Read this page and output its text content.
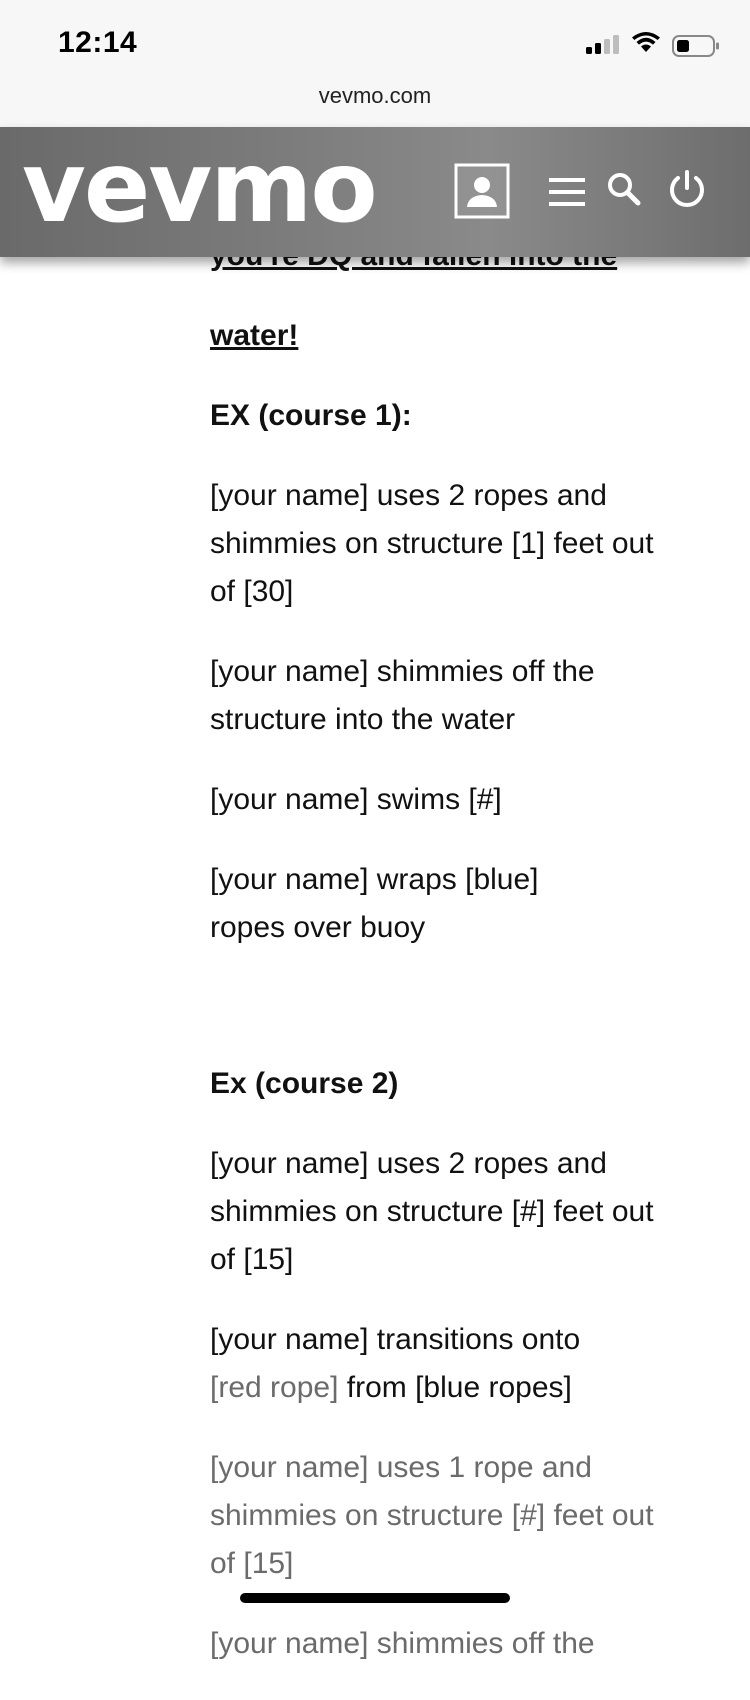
12:14
vevmo.com
vevmo

water!

EX (course 1):

[your name] uses 2 ropes and shimmies on structure [1] feet out of [30]

[your name] shimmies off the structure into the water

[your name] swims [#]

[your name] wraps [blue]
ropes over buoy

Ex (course 2)

[your name] uses 2 ropes and shimmies on structure [#] feet out of [15]

[your name] transitions onto
[red rope] from [blue ropes]

[your name] uses 1 rope and shimmies on structure [#] feet out of [15]

[your name] shimmies off the
